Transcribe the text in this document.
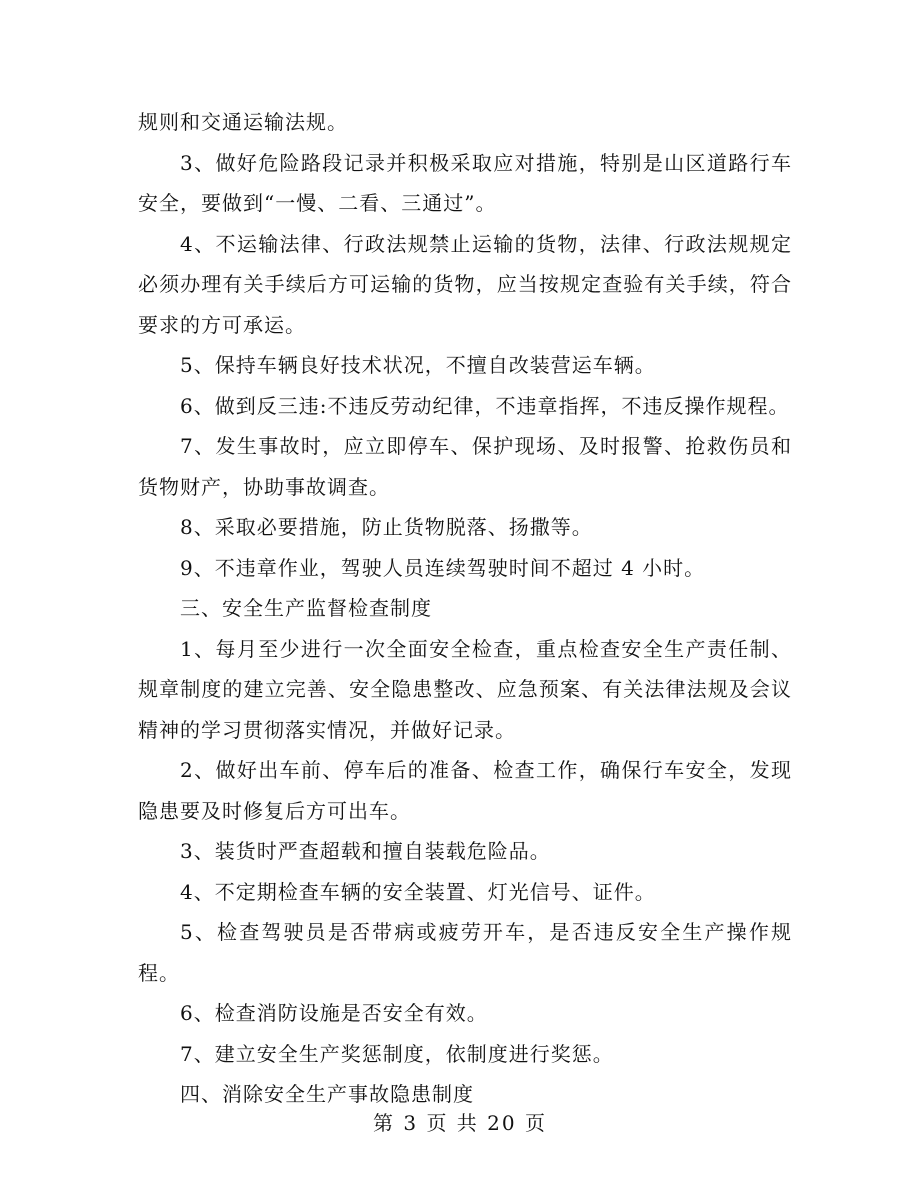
规则和交通运输法规。

3、做好危险路段记录并积极采取应对措施，特别是山区道路行车安全，要做到“一慢、二看、三通过”。

4、不运输法律、行政法规禁止运输的货物，法律、行政法规规定必须办理有关手续后方可运输的货物，应当按规定查验有关手续，符合要求的方可承运。

5、保持车辆良好技术状况，不擅自改装营运车辆。

6、做到反三违:不违反劳动纪律，不违章指挥，不违反操作规程。

7、发生事故时，应立即停车、保护现场、及时报警、抢救伤员和货物财产，协助事故调查。

8、采取必要措施，防止货物脱落、扬撒等。

9、不违章作业，驾驶人员连续驾驶时间不超过 4 小时。

三、安全生产监督检查制度

1、每月至少进行一次全面安全检查，重点检查安全生产责任制、规章制度的建立完善、安全隐患整改、应急预案、有关法律法规及会议精神的学习贯彻落实情况，并做好记录。

2、做好出车前、停车后的准备、检查工作，确保行车安全，发现隐患要及时修复后方可出车。

3、装货时严查超载和擅自装载危险品。

4、不定期检查车辆的安全装置、灯光信号、证件。

5、检查驾驶员是否带病或疲劳开车，是否违反安全生产操作规程。

6、检查消防设施是否安全有效。

7、建立安全生产奖惩制度，依制度进行奖惩。

四、消除安全生产事故隐患制度

第 3 页 共 20 页
